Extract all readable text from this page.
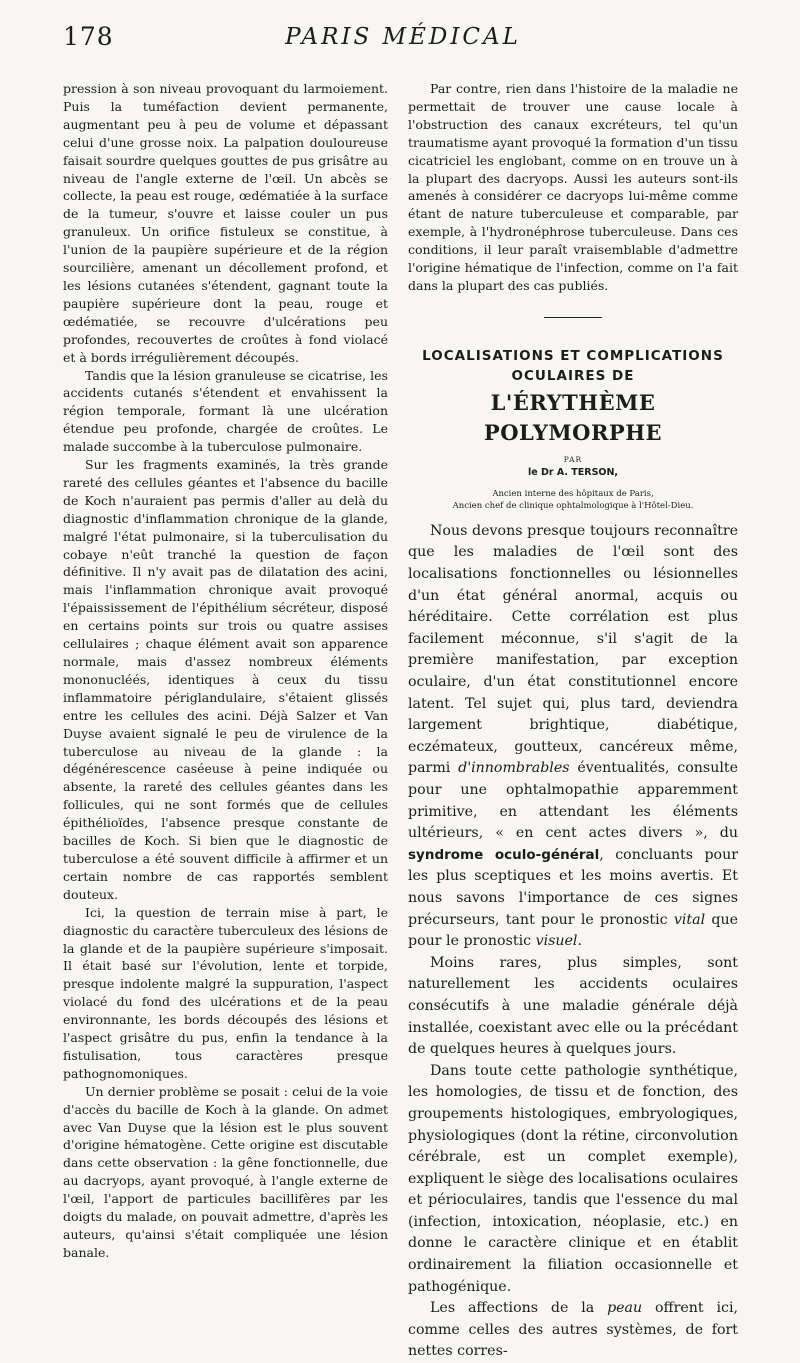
178	PARIS MÉDICAL

pression à son niveau provoquant du larmoiement. Puis la tuméfaction devient permanente, augmentant peu à peu de volume et dépassant celui d'une grosse noix. La palpation douloureuse faisait sourdre quelques gouttes de pus grisâtre au niveau de l'angle externe de l'œil. Un abcès se collecte, la peau est rouge, œdématiée à la surface de la tumeur, s'ouvre et laisse couler un pus granuleux. Un orifice fistuleux se constitue, à l'union de la paupière supérieure et de la région sourcilière, amenant un décollement profond, et les lésions cutanées s'étendent, gagnant toute la paupière supérieure dont la peau, rouge et œdématiée, se recouvre d'ulcérations peu profondes, recouvertes de croûtes à fond violacé et à bords irrégulièrement découpés.

Tandis que la lésion granuleuse se cicatrise, les accidents cutanés s'étendent et envahissent la région temporale, formant là une ulcération étendue peu profonde, chargée de croûtes. Le malade succombe à la tuberculose pulmonaire.

Sur les fragments examinés, la très grande rareté des cellules géantes et l'absence du bacille de Koch n'auraient pas permis d'aller au delà du diagnostic d'inflammation chronique de la glande, malgré l'état pulmonaire, si la tuberculisation du cobaye n'eût tranché la question de façon définitive. Il n'y avait pas de dilatation des acini, mais l'inflammation chronique avait provoqué l'épaississement de l'épithélium sécréteur, disposé en certains points sur trois ou quatre assises cellulaires ; chaque élément avait son apparence normale, mais d'assez nombreux éléments mononucléés, identiques à ceux du tissu inflammatoire périglandulaire, s'étaient glissés entre les cellules des acini. Déjà Salzer et Van Duyse avaient signalé le peu de virulence de la tuberculose au niveau de la glande : la dégénérescence caséeuse à peine indiquée ou absente, la rareté des cellules géantes dans les follicules, qui ne sont formés que de cellules épithélioïdes, l'absence presque constante de bacilles de Koch. Si bien que le diagnostic de tuberculose a été souvent difficile à affirmer et un certain nombre de cas rapportés semblent douteux.

Ici, la question de terrain mise à part, le diagnostic du caractère tuberculeux des lésions de la glande et de la paupière supérieure s'imposait. Il était basé sur l'évolution, lente et torpide, presque indolente malgré la suppuration, l'aspect violacé du fond des ulcérations et de la peau environnante, les bords découpés des lésions et l'aspect grisâtre du pus, enfin la tendance à la fistulisation, tous caractères presque pathognomoniques.

Un dernier problème se posait : celui de la voie d'accès du bacille de Koch à la glande. On admet avec Van Duyse que la lésion est le plus souvent d'origine hématogène. Cette origine est discutable dans cette observation : la gêne fonctionnelle, due au dacryops, ayant provoqué, à l'angle externe de l'œil, l'apport de particules bacillifères par les doigts du malade, on pouvait admettre, d'après les auteurs, qu'ainsi s'était compliquée une lésion banale.

Par contre, rien dans l'histoire de la maladie ne permettait de trouver une cause locale à l'obstruction des canaux excréteurs, tel qu'un traumatisme ayant provoqué la formation d'un tissu cicatriciel les englobant, comme on en trouve un à la plupart des dacryops. Aussi les auteurs sont-ils amenés à considérer ce dacryops lui-même comme étant de nature tuberculeuse et comparable, par exemple, à l'hydronéphrose tuberculeuse. Dans ces conditions, il leur paraît vraisemblable d'admettre l'origine hématique de l'infection, comme on l'a fait dans la plupart des cas publiés.

LOCALISATIONS ET COMPLICATIONS
OCULAIRES DE
L'ÉRYTHÈME POLYMORPHE
PAR
le Dr A. TERSON,
Ancien interne des hôpitaux de Paris,
Ancien chef de clinique ophtalmologique à l'Hôtel-Dieu.

Nous devons presque toujours reconnaître que les maladies de l'œil sont des localisations fonctionnelles ou lésionnelles d'un état général anormal, acquis ou héréditaire. Cette corrélation est plus facilement méconnue, s'il s'agit de la première manifestation, par exception oculaire, d'un état constitutionnel encore latent. Tel sujet qui, plus tard, deviendra largement brightique, diabétique, eczémateux, goutteux, cancéreux même, parmi d'innombrables éventualités, consulte pour une ophtalmopathie apparemment primitive, en attendant les éléments ultérieurs, « en cent actes divers », du syndrome oculo-général, concluants pour les plus sceptiques et les moins avertis. Et nous savons l'importance de ces signes précurseurs, tant pour le pronostic vital que pour le pronostic visuel.

Moins rares, plus simples, sont naturellement les accidents oculaires consécutifs à une maladie générale déjà installée, coexistant avec elle ou la précédant de quelques heures à quelques jours.

Dans toute cette pathologie synthétique, les homologies, de tissu et de fonction, des groupements histologiques, embryologiques, physiologiques (dont la rétine, circonvolution cérébrale, est un complet exemple), expliquent le siège des localisations oculaires et périoculaires, tandis que l'essence du mal (infection, intoxication, néoplasie, etc.) en donne le caractère clinique et en établit ordinairement la filiation occasionnelle et pathogénique.

Les affections de la peau offrent ici, comme celles des autres systèmes, de fort nettes corres-
